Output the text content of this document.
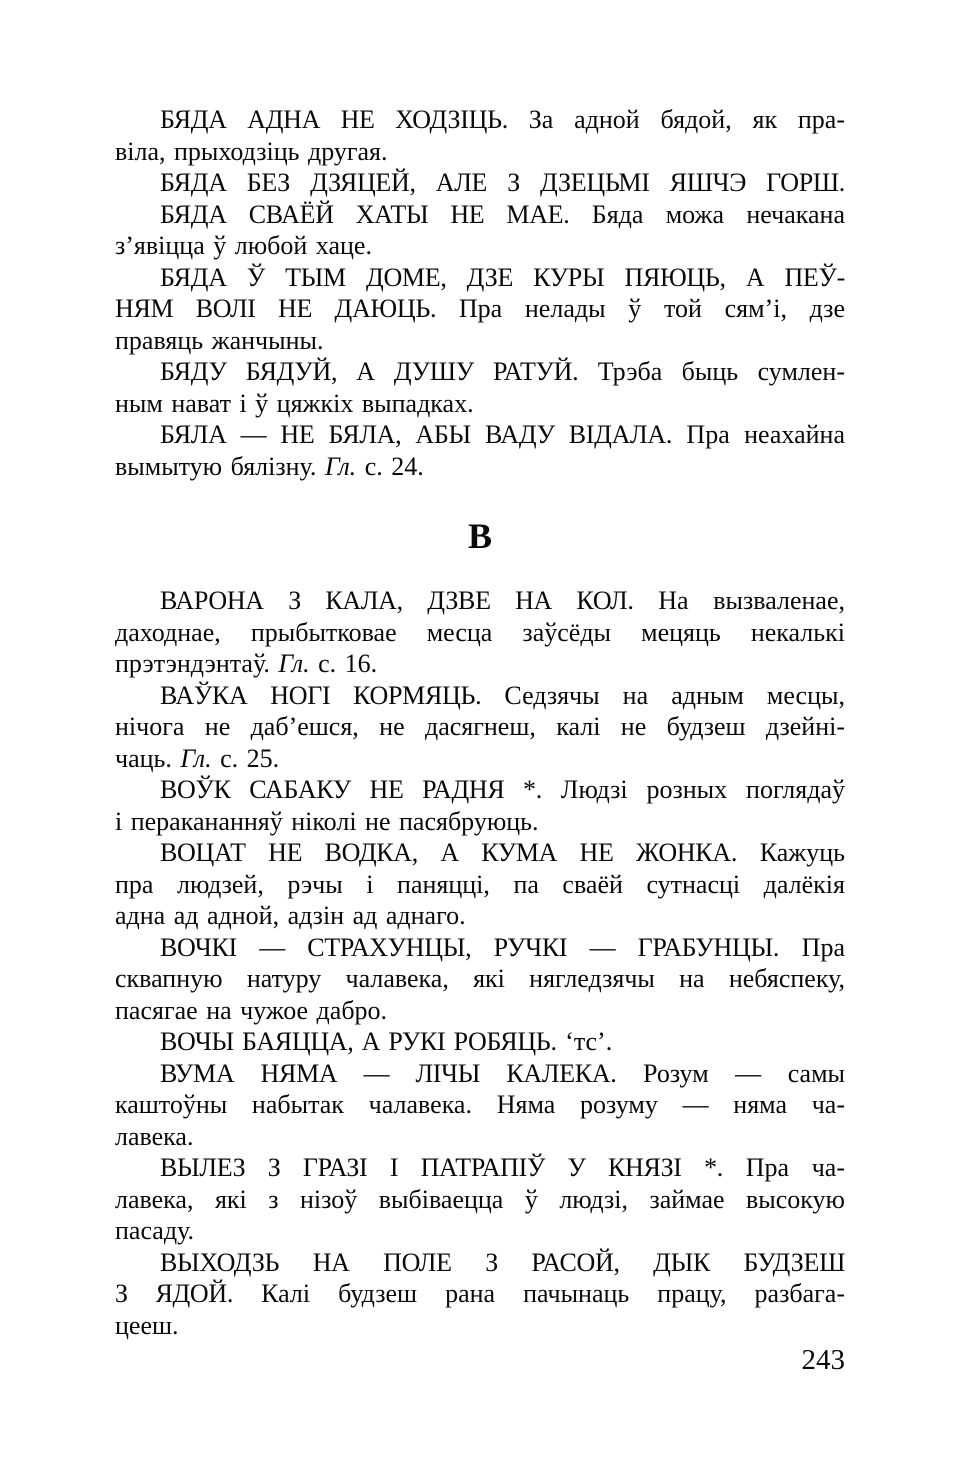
БЯДА АДНА НЕ ХОДЗІЦЬ. За адной бядой, як пра-
віла, прыходзіць другая.
БЯДА БЕЗ ДЗЯЦЕЙ, АЛЕ З ДЗЕЦЬМІ ЯШЧЭ ГОРШ.
БЯДА СВАЁЙ ХАТЫ НЕ МАЕ. Бяда можа нечакана
з’явіцца ў любой хаце.
БЯДА Ў ТЫМ ДОМЕ, ДЗЕ КУРЫ ПЯЮЦЬ, А ПЕЎ-
НЯМ ВОЛІ НЕ ДАЮЦЬ. Пра нелады ў той сям’і, дзе
правяць жанчыны.
БЯДУ БЯДУЙ, А ДУШУ РАТУЙ. Трэба быць сумлен-
ным нават і ў цяжкіх выпадках.
БЯЛА — НЕ БЯЛА, АБЫ ВАДУ ВІДАЛА. Пра неахайна
вымытую бялізну. Гл. с. 24.
В
ВАРОНА З КАЛА, ДЗВЕ НА КОЛ. На вызваленае,
даходнае, прыбытковае месца заўсёды мецяць некалькі
прэтэндэнтаў. Гл. с. 16.
ВАЎКА НОГІ КОРМЯЦЬ. Седзячы на адным месцы,
нічога не даб’ешся, не дасягнеш, калі не будзеш дзейні-
чаць. Гл. с. 25.
ВОЎК САБАКУ НЕ РАДНЯ *. Людзі розных поглядаў
і перакананняў ніколі не пасябруюць.
ВОЦАТ НЕ ВОДКА, А КУМА НЕ ЖОНКА. Кажуць
пра людзей, рэчы і паняцці, па сваёй сутнасці далёкія
адна ад адной, адзін ад аднаго.
ВОЧКІ — СТРАХУНЦЫ, РУЧКІ — ГРАБУНЦЫ. Пра
сквапную натуру чалавека, які нягледзячы на небяспеку,
пасягае на чужое дабро.
ВОЧЫ БАЯЦЦА, А РУКІ РОБЯЦЬ. ‘тс’.
ВУМА НЯМА — ЛІЧЫ КАЛЕКА. Розум — самы
каштоўны набытак чалавека. Няма розуму — няма ча-
лавека.
ВЫЛЕЗ З ГРАЗІ І ПАТРАПІЎ У КНЯЗІ *. Пра ча-
лавека, які з нізоў выбіваецца ў людзі, займае высокую
пасаду.
ВЫХОДЗЬ НА ПОЛЕ З РАСОЙ, ДЫК БУДЗЕШ
З ЯДОЙ. Калі будзеш рана пачынаць працу, разбага-
цееш.
243
